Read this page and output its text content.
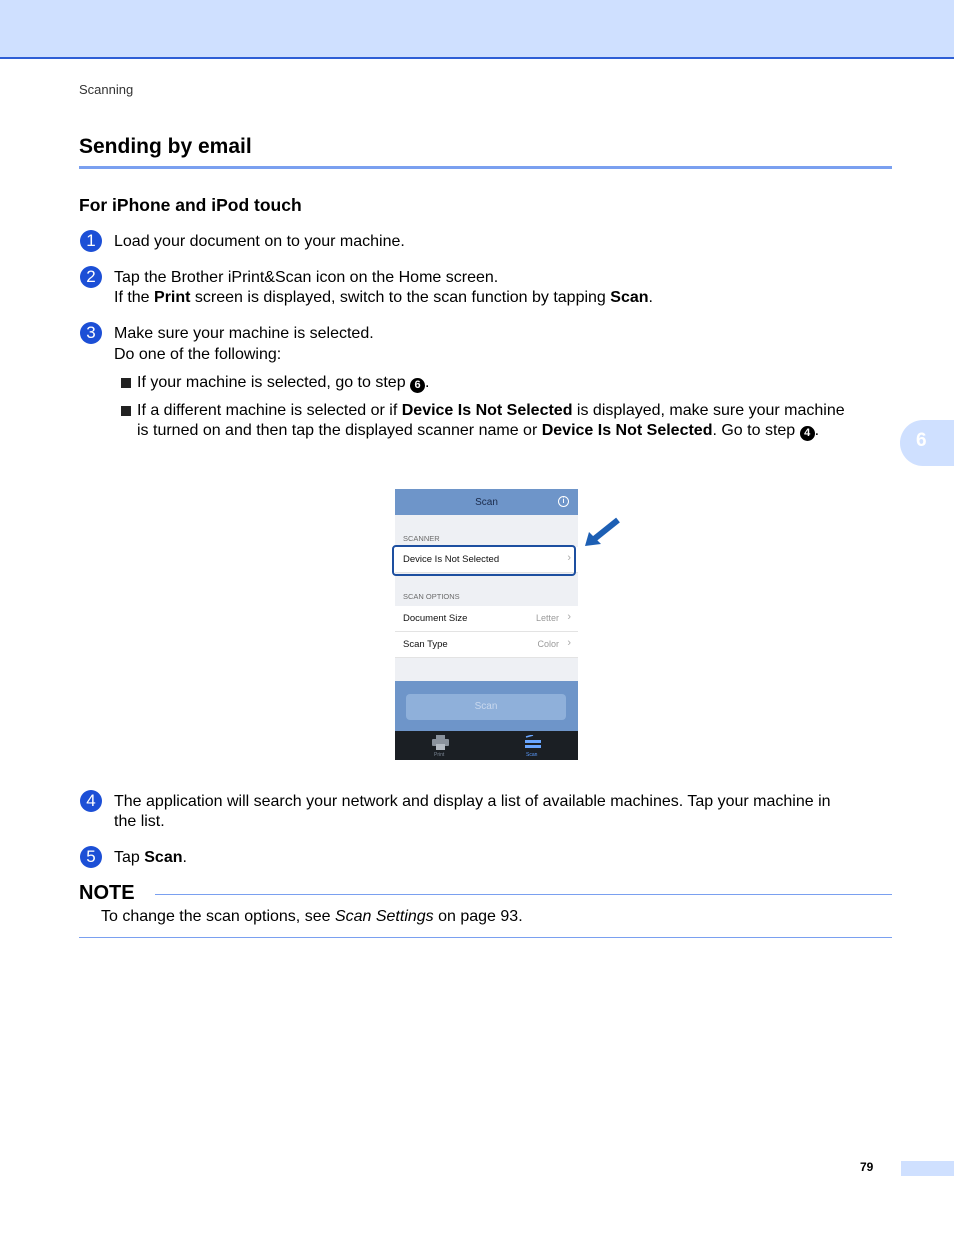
Scanning
Sending by email
For iPhone and iPod touch
1	Load your document on to your machine.
2	Tap the Brother iPrint&Scan icon on the Home screen.
If the Print screen is displayed, switch to the scan function by tapping Scan.
3	Make sure your machine is selected.
Do one of the following:
If your machine is selected, go to step 6 .
If a different machine is selected or if Device Is Not Selected is displayed, make sure your machine
is turned on and then tap the displayed scanner name or Device Is Not Selected. Go to step 4 .	6
Scan	i
SCANNER
Device Is Not Selected	›
SCAN OPTIONS
Document Size	Letter ›
Scan Type	Color ›
Scan
Print	Scan
4	The application will search your network and display a list of available machines. Tap your machine in
the list.
5	Tap Scan.
NOTE
To change the scan options, see Scan Settings on page 93.
79
